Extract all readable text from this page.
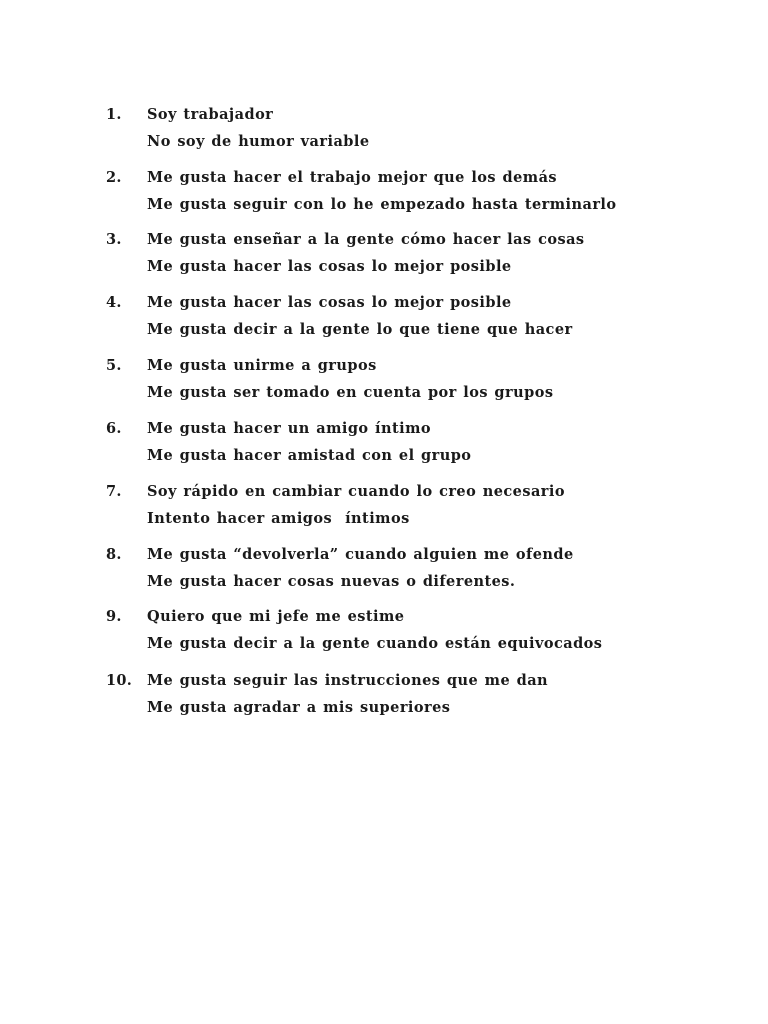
1. Soy trabajador
No soy de humor variable
2. Me gusta hacer el trabajo mejor que los demás
Me gusta seguir con lo he empezado hasta terminarlo
3. Me gusta enseñar a la gente cómo hacer las cosas
Me gusta hacer las cosas lo mejor posible
4. Me gusta hacer las cosas lo mejor posible
Me gusta decir a la gente lo que tiene que hacer
5. Me gusta unirme a grupos
Me gusta ser tomado en cuenta por los grupos
6. Me gusta hacer un amigo íntimo
Me gusta hacer amistad con el grupo
7. Soy rápido en cambiar cuando lo creo necesario
Intento hacer amigos  íntimos
8. Me gusta “devolverla” cuando alguien me ofende
Me gusta hacer cosas nuevas o diferentes.
9. Quiero que mi jefe me estime
Me gusta decir a la gente cuando están equivocados
10. Me gusta seguir las instrucciones que me dan
Me gusta agradar a mis superiores
